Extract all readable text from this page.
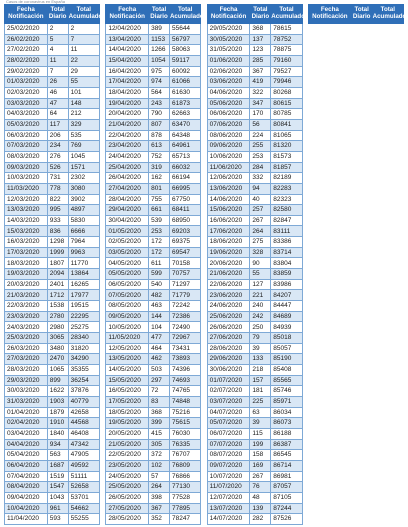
Casos de coronavirus en España
Fecha Notificación	Total Diario	Total Acumulado
25/02/2020	2	2
26/02/2020	5	7
27/02/2020	4	11
28/02/2020	11	22
29/02/2020	7	29
01/03/2020	26	55
02/03/2020	46	101
03/03/2020	47	148
04/03/2020	64	212
05/03/2020	117	329
06/03/2020	206	535
07/03/2020	234	769
08/03/2020	276	1045
09/03/2020	526	1571
10/03/2020	731	2302
11/03/2020	778	3080
12/03/2020	822	3902
13/03/2020	995	4897
14/03/2020	933	5830
15/03/2020	836	6666
16/03/2020	1298	7964
17/03/2020	1999	9963
18/03/2020	1807	11770
19/03/2020	2094	13864
20/03/2020	2401	16265
21/03/2020	1712	17977
22/03/2020	1538	19515
23/03/2020	2780	22295
24/03/2020	2980	25275
25/03/2020	3065	28340
26/03/2020	3480	31820
27/03/2020	2470	34290
28/03/2020	1065	35355
29/03/2020	899	36254
30/03/2020	1622	37876
31/03/2020	1903	40779
01/04/2020	1879	42658
02/04/2020	1910	44568
03/04/2020	1840	46408
04/04/2020	934	47342
05/04/2020	563	47905
06/04/2020	1687	49592
07/04/2020	1519	51111
08/04/2020	1547	52658
09/04/2020	1043	53701
10/04/2020	961	54662
11/04/2020	593	55255
Fecha Notificación	Total Diario	Total Acumulado
12/04/2020	389	55644
13/04/2020	1153	56797
14/04/2020	1266	58063
15/04/2020	1054	59117
16/04/2020	975	60092
17/04/2020	974	61066
18/04/2020	564	61630
19/04/2020	243	61873
20/04/2020	790	62663
21/04/2020	807	63470
22/04/2020	878	64348
23/04/2020	613	64961
24/04/2020	752	65713
25/04/2020	319	66032
26/04/2020	162	66194
27/04/2020	801	66995
28/04/2020	755	67750
29/04/2020	661	68411
30/04/2020	539	68950
01/05/2020	253	69203
02/05/2020	172	69375
03/05/2020	172	69547
04/05/2020	611	70158
05/05/2020	599	70757
06/05/2020	540	71297
07/05/2020	482	71779
08/05/2020	463	72242
09/05/2020	144	72386
10/05/2020	104	72490
11/05/2020	477	72967
12/05/2020	464	73431
13/05/2020	462	73893
14/05/2020	503	74396
15/05/2020	297	74693
16/05/2020	72	74765
17/05/2020	83	74848
18/05/2020	368	75216
19/05/2020	399	75615
20/05/2020	415	76030
21/05/2020	305	76335
22/05/2020	372	76707
23/05/2020	102	76809
24/05/2020	57	76866
25/05/2020	264	77130
26/05/2020	398	77528
27/05/2020	367	77895
28/05/2020	352	78247
Fecha Notificación	Total Diario	Total Acumulado
29/05/2020	368	78615
30/05/2020	137	78752
31/05/2020	123	78875
01/06/2020	285	79160
02/06/2020	367	79527
03/06/2020	419	79946
04/06/2020	322	80268
05/06/2020	347	80615
06/06/2020	170	80785
07/06/2020	56	80841
08/06/2020	224	81065
09/06/2020	255	81320
10/06/2020	253	81573
11/06/2020	284	81857
12/06/2020	332	82189
13/06/2020	94	82283
14/06/2020	40	82323
15/06/2020	257	82580
16/06/2020	267	82847
17/06/2020	264	83111
18/06/2020	275	83386
19/06/2020	328	83714
20/06/2020	90	83804
21/06/2020	55	83859
22/06/2020	127	83986
23/06/2020	221	84207
24/06/2020	240	84447
25/06/2020	242	84689
26/06/2020	250	84939
27/06/2020	79	85018
28/06/2020	39	85057
29/06/2020	133	85190
30/06/2020	218	85408
01/07/2020	157	85565
02/07/2020	181	85746
03/07/2020	225	85971
04/07/2020	63	86034
05/07/2020	39	86073
06/07/2020	115	86188
07/07/2020	199	86387
08/07/2020	158	86545
09/07/2020	169	86714
10/07/2020	267	86981
11/07/2020	76	87057
12/07/2020	48	87105
13/07/2020	139	87244
14/07/2020	282	87526
Fecha Notificación	Total Diario	Total Acumulado
